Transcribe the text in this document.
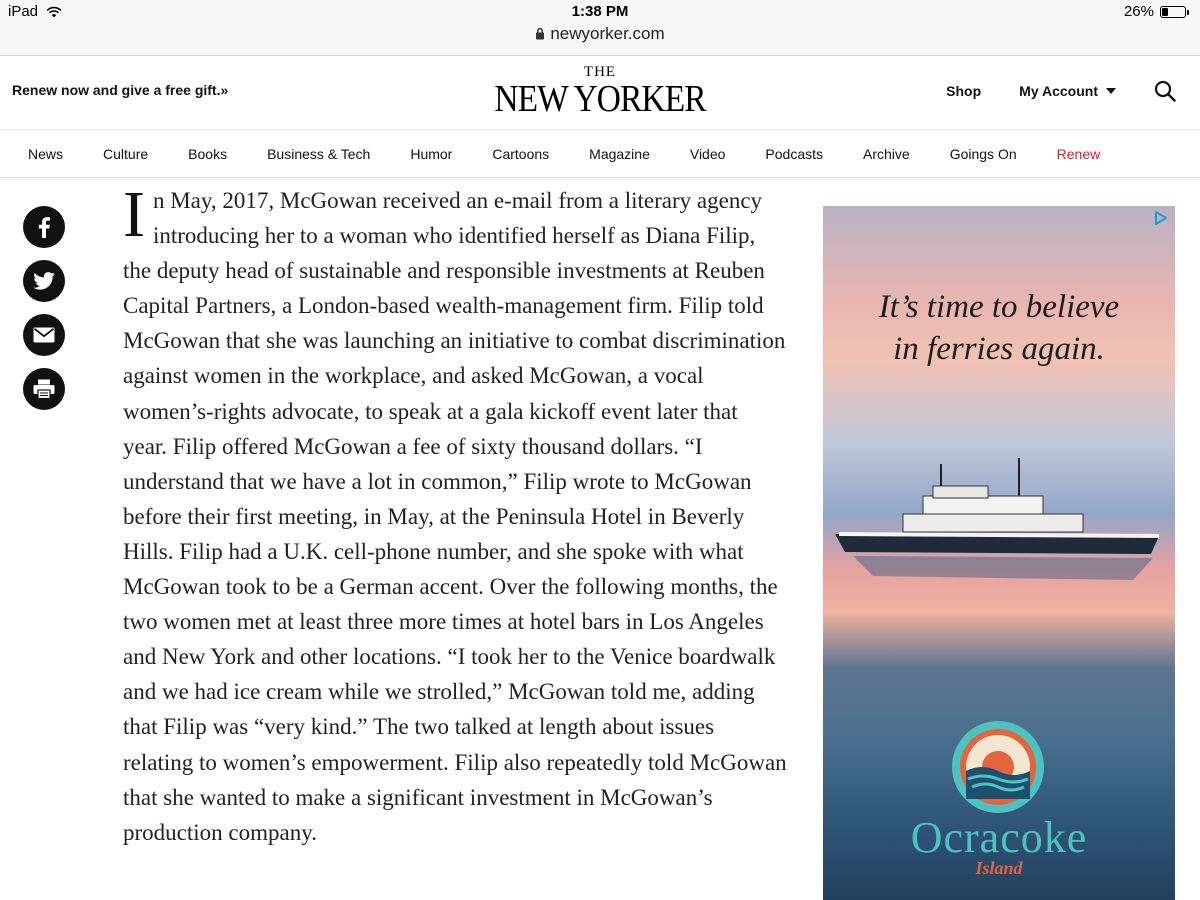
iPad	1:38 PM	26%
newyorker.com
Renew now and give a free gift.»
THE
NEW YORKER	Shop	My Account
News	Culture	Books	Business & Tech	Humor	Cartoons	Magazine	Video	Podcasts	Archive	Goings On	Renew

In May, 2017, McGowan received an e-mail from a literary agency introducing her to a woman who identified herself as Diana Filip, the deputy head of sustainable and responsible investments at Reuben Capital Partners, a London-based wealth-management firm. Filip told McGowan that she was launching an initiative to combat discrimination against women in the workplace, and asked McGowan, a vocal women’s-rights advocate, to speak at a gala kickoff event later that year. Filip offered McGowan a fee of sixty thousand dollars. “I understand that we have a lot in common,” Filip wrote to McGowan before their first meeting, in May, at the Peninsula Hotel in Beverly Hills. Filip had a U.K. cell-phone number, and she spoke with what McGowan took to be a German accent. Over the following months, the two women met at least three more times at hotel bars in Los Angeles and New York and other locations. “I took her to the Venice boardwalk and we had ice cream while we strolled,” McGowan told me, adding that Filip was “very kind.” The two talked at length about issues relating to women’s empowerment. Filip also repeatedly told McGowan that she wanted to make a significant investment in McGowan’s production company.

It’s time to believe
in ferries again.
Ocracoke
Island
